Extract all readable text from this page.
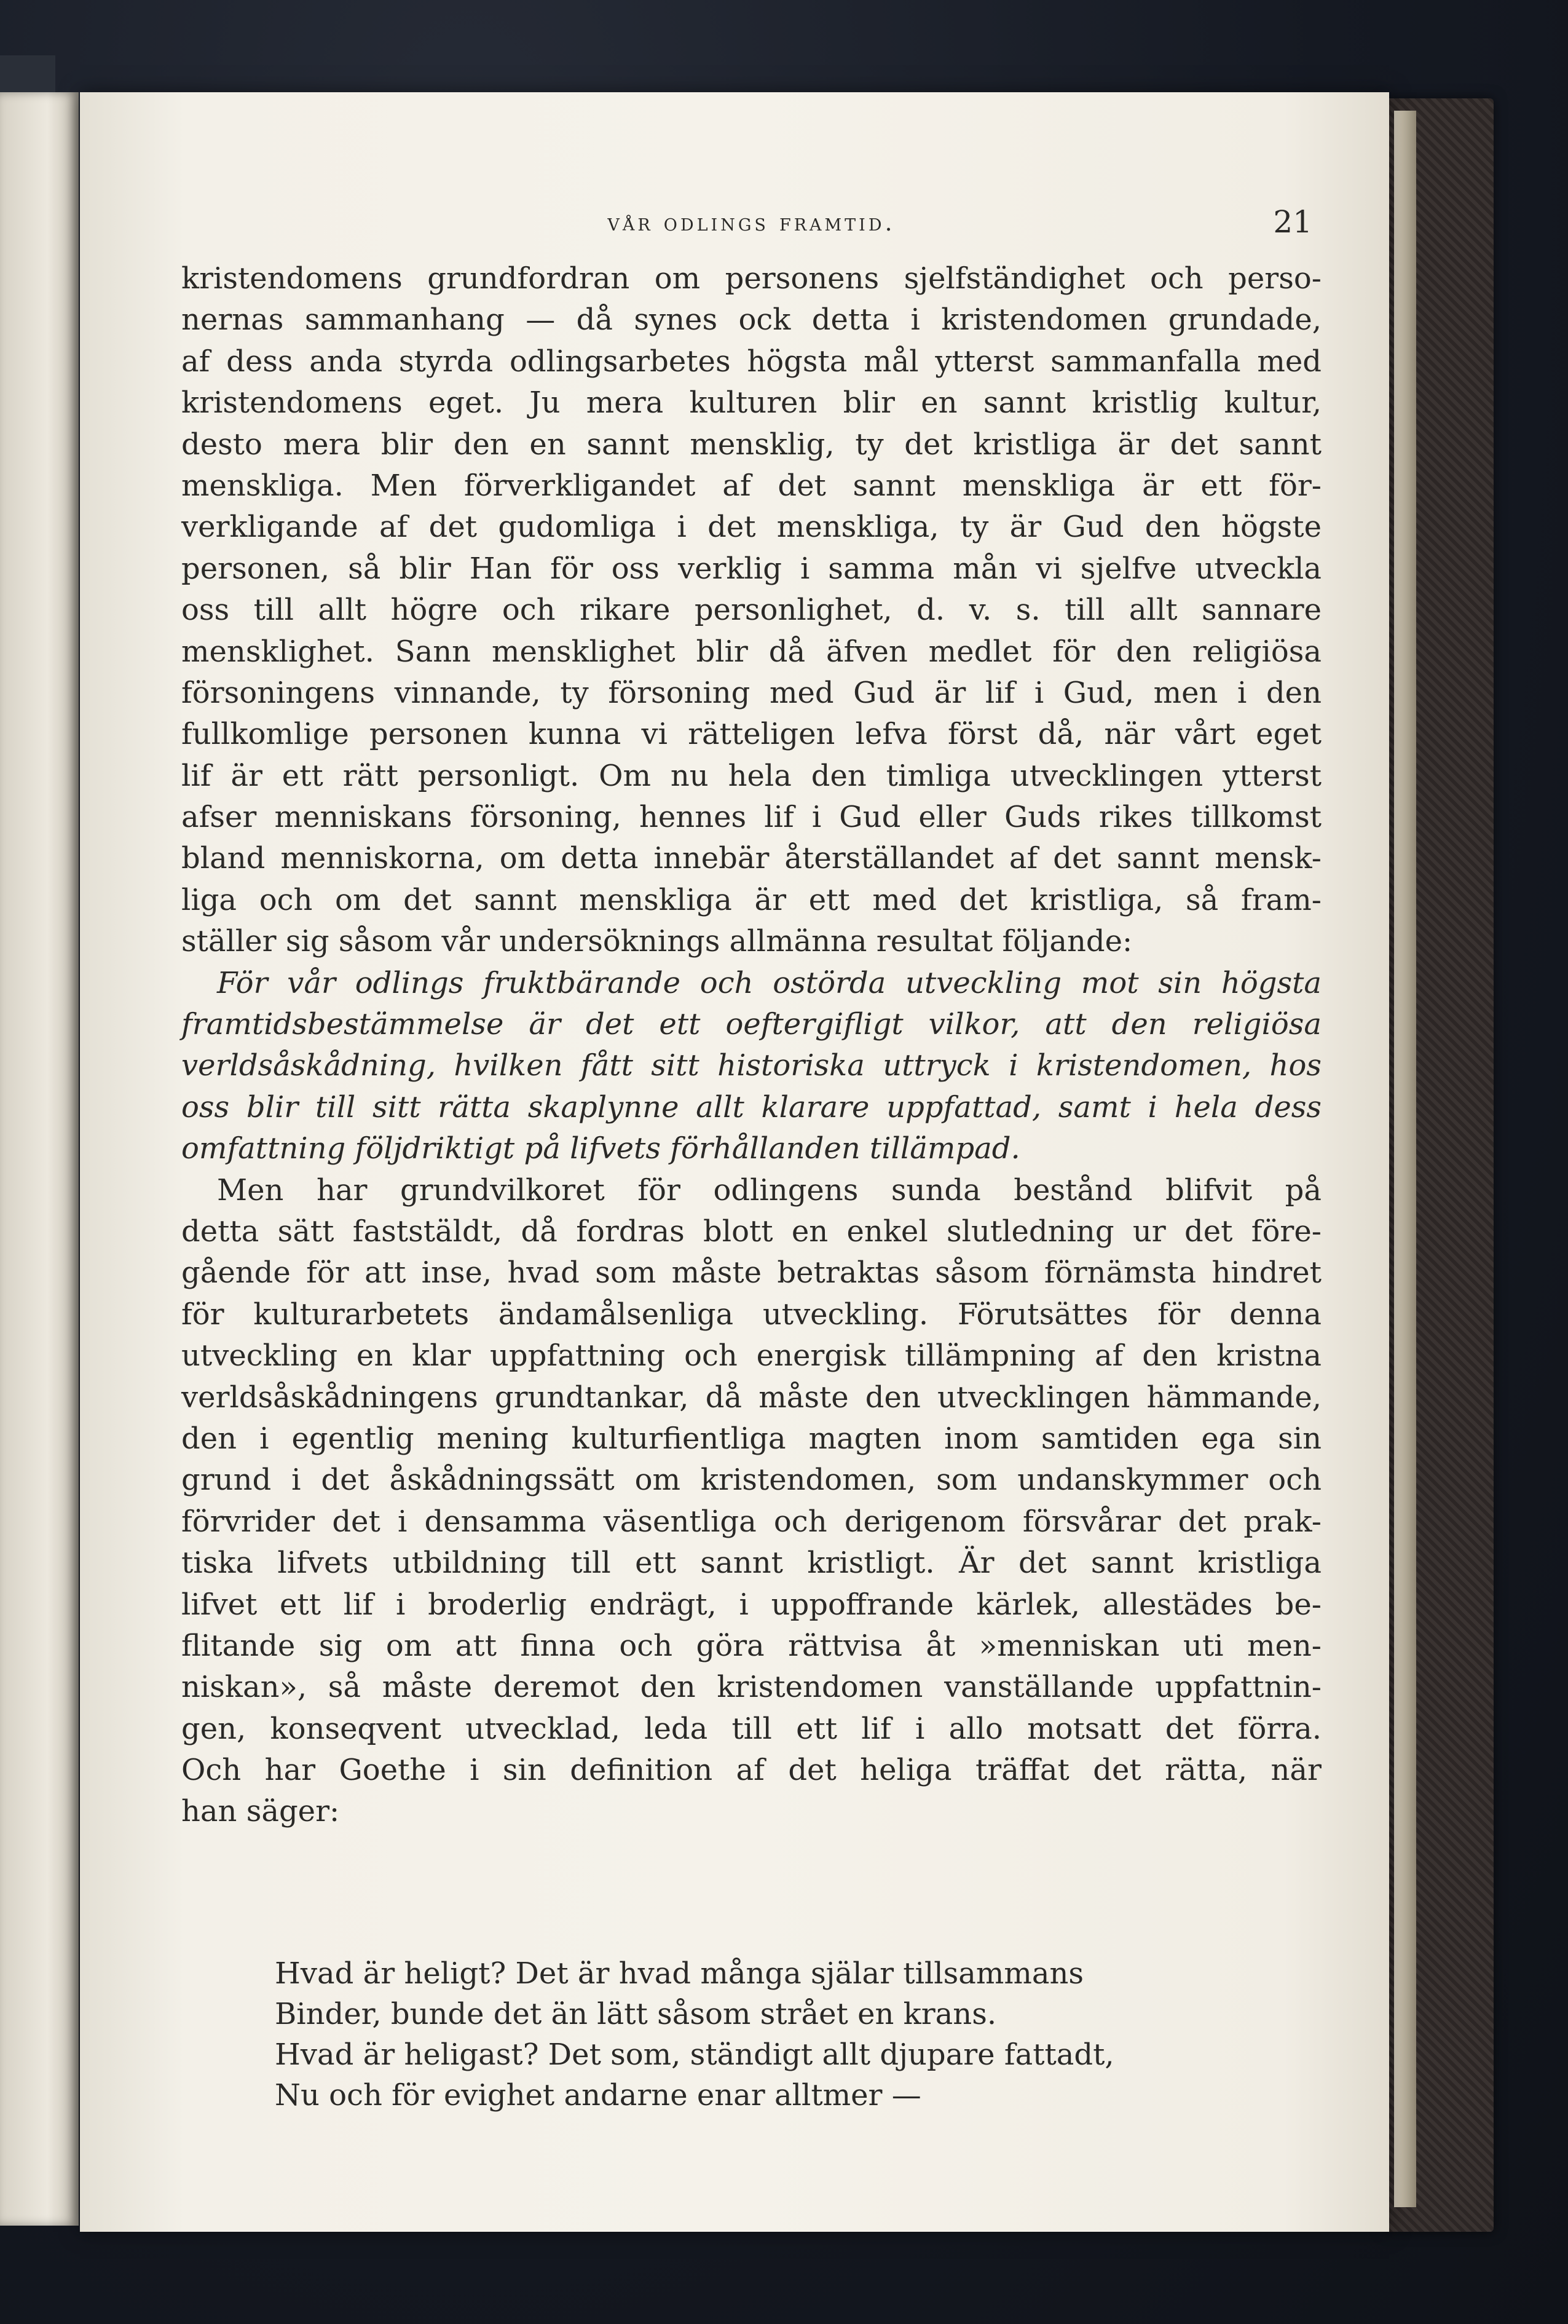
vår odlings framtid.	21
kristendomens grundfordran om personens sjelfständighet och perso-
nernas sammanhang — då synes ock detta i kristendomen grundade,
af dess anda styrda odlingsarbetes högsta mål ytterst sammanfalla med
kristendomens eget. Ju mera kulturen blir en sannt kristlig kultur,
desto mera blir den en sannt mensklig, ty det kristliga är det sannt
menskliga. Men förverkligandet af det sannt menskliga är ett för-
verkligande af det gudomliga i det menskliga, ty är Gud den högste
personen, så blir Han för oss verklig i samma mån vi sjelfve utveckla
oss till allt högre och rikare personlighet, d. v. s. till allt sannare
mensklighet. Sann mensklighet blir då äfven medlet för den religiösa
försoningens vinnande, ty försoning med Gud är lif i Gud, men i den
fullkomlige personen kunna vi rätteligen lefva först då, när vårt eget
lif är ett rätt personligt. Om nu hela den timliga utvecklingen ytterst
afser menniskans försoning, hennes lif i Gud eller Guds rikes tillkomst
bland menniskorna, om detta innebär återställandet af det sannt mensk-
liga och om det sannt menskliga är ett med det kristliga, så fram-
ställer sig såsom vår undersöknings allmänna resultat följande:
För vår odlings fruktbärande och ostörda utveckling mot sin högsta
framtidsbestämmelse är det ett oeftergifligt vilkor, att den religiösa
verldsåskådning, hvilken fått sitt historiska uttryck i kristendomen, hos
oss blir till sitt rätta skaplynne allt klarare uppfattad, samt i hela dess
omfattning följdriktigt på lifvets förhållanden tillämpad.
Men har grundvilkoret för odlingens sunda bestånd blifvit på
detta sätt faststäldt, då fordras blott en enkel slutledning ur det före-
gående för att inse, hvad som måste betraktas såsom förnämsta hindret
för kulturarbetets ändamålsenliga utveckling. Förutsättes för denna
utveckling en klar uppfattning och energisk tillämpning af den kristna
verldsåskådningens grundtankar, då måste den utvecklingen hämmande,
den i egentlig mening kulturfientliga magten inom samtiden ega sin
grund i det åskådningssätt om kristendomen, som undanskymmer och
förvrider det i densamma väsentliga och derigenom försvårar det prak-
tiska lifvets utbildning till ett sannt kristligt. Är det sannt kristliga
lifvet ett lif i broderlig endrägt, i uppoffrande kärlek, allestädes be-
flitande sig om att finna och göra rättvisa åt »menniskan uti men-
niskan», så måste deremot den kristendomen vanställande uppfattnin-
gen, konseqvent utvecklad, leda till ett lif i allo motsatt det förra.
Och har Goethe i sin definition af det heliga träffat det rätta, när
han säger:
Hvad är heligt? Det är hvad många själar tillsammans
Binder, bunde det än lätt såsom strået en krans.
Hvad är heligast? Det som, ständigt allt djupare fattadt,
Nu och för evighet andarne enar alltmer —
